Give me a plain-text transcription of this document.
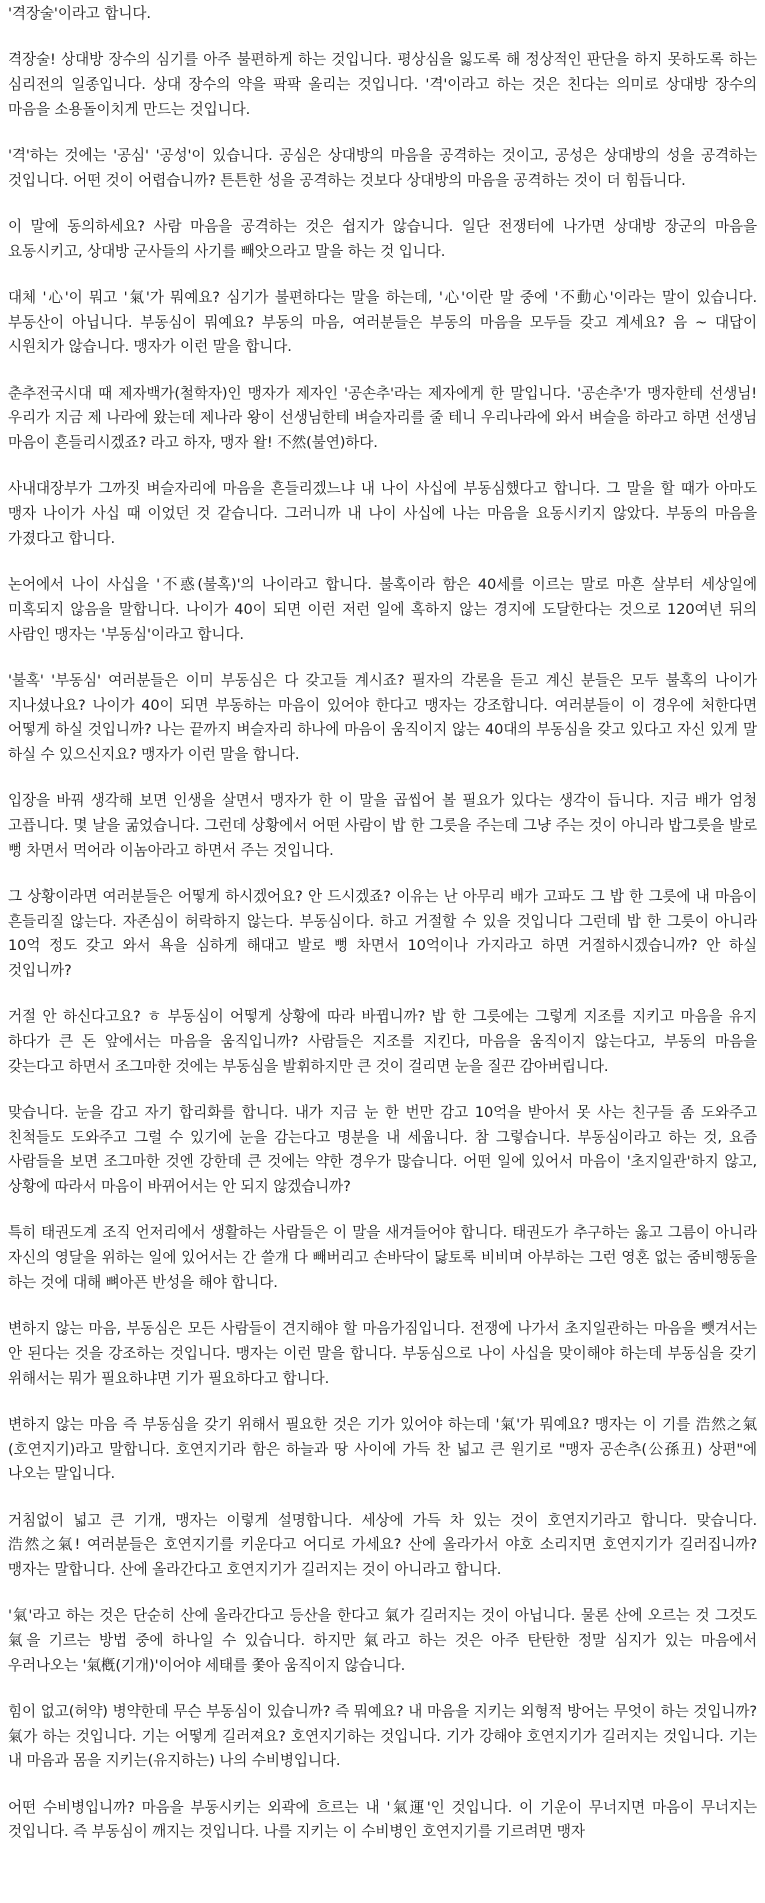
'격장술'이라고 합니다.

격장술! 상대방 장수의 심기를 아주 불편하게 하는 것입니다. 평상심을 잃도록 해 정상적인 판단을 하지 못하도록 하는 심리전의 일종입니다. 상대 장수의 약을 팍팍 올리는 것입니다. '격'이라고 하는 것은 친다는 의미로 상대방 장수의 마음을 소용돌이치게 만드는 것입니다.

'격'하는 것에는 '공심' '공성'이 있습니다. 공심은 상대방의 마음을 공격하는 것이고, 공성은 상대방의 성을 공격하는 것입니다. 어떤 것이 어렵습니까? 튼튼한 성을 공격하는 것보다 상대방의 마음을 공격하는 것이 더 힘듭니다.

이 말에 동의하세요? 사람 마음을 공격하는 것은 쉽지가 않습니다. 일단 전쟁터에 나가면 상대방 장군의 마음을 요동시키고, 상대방 군사들의 사기를 빼앗으라고 말을 하는 것 입니다.

대체 '心'이 뭐고 '氣'가 뭐예요? 심기가 불편하다는 말을 하는데, '心'이란 말 중에 '不動心'이라는 말이 있습니다. 부동산이 아닙니다. 부동심이 뭐예요? 부동의 마음, 여러분들은 부동의 마음을 모두들 갖고 계세요? 음 ~ 대답이 시원치가 않습니다. 맹자가 이런 말을 합니다.

춘추전국시대 때 제자백가(철학자)인 맹자가 제자인 '공손추'라는 제자에게 한 말입니다. '공손추'가 맹자한테 선생님! 우리가 지금 제 나라에 왔는데 제나라 왕이 선생님한테 벼슬자리를 줄 테니 우리나라에 와서 벼슬을 하라고 하면 선생님 마음이 흔들리시겠죠? 라고 하자, 맹자 왈! 不然(불연)하다.

사내대장부가 그까짓 벼슬자리에 마음을 흔들리겠느냐 내 나이 사십에 부동심했다고 합니다. 그 말을 할 때가 아마도 맹자 나이가 사십 때 이었던 것 같습니다. 그러니까 내 나이 사십에 나는 마음을 요동시키지 않았다. 부동의 마음을 가졌다고 합니다.

논어에서 나이 사십을 '不惑(불혹)'의 나이라고 합니다. 불혹이라 함은 40세를 이르는 말로 마흔 살부터 세상일에 미혹되지 않음을 말합니다. 나이가 40이 되면 이런 저런 일에 혹하지 않는 경지에 도달한다는 것으로 120여년 뒤의 사람인 맹자는 '부동심'이라고 합니다.

'불혹' '부동심' 여러분들은 이미 부동심은 다 갖고들 계시죠? 필자의 각론을 듣고 계신 분들은 모두 불혹의 나이가 지나셨나요? 나이가 40이 되면 부동하는 마음이 있어야 한다고 맹자는 강조합니다. 여러분들이 이 경우에 처한다면 어떻게 하실 것입니까? 나는 끝까지 벼슬자리 하나에 마음이 움직이지 않는 40대의 부동심을 갖고 있다고 자신 있게 말 하실 수 있으신지요? 맹자가 이런 말을 합니다.

입장을 바꿔 생각해 보면 인생을 살면서 맹자가 한 이 말을 곱씹어 볼 필요가 있다는 생각이 듭니다. 지금 배가 엄청 고픕니다. 몇 날을 굶었습니다. 그런데 상황에서 어떤 사람이 밥 한 그릇을 주는데 그냥 주는 것이 아니라 밥그릇을 발로 뻥 차면서 먹어라 이놈아라고 하면서 주는 것입니다.

그 상황이라면 여러분들은 어떻게 하시겠어요? 안 드시겠죠? 이유는 난 아무리 배가 고파도 그 밥 한 그릇에 내 마음이 흔들리질 않는다. 자존심이 허락하지 않는다. 부동심이다. 하고 거절할 수 있을 것입니다 그런데 밥 한 그릇이 아니라 10억 정도 갖고 와서 욕을 심하게 해대고 발로 뻥 차면서 10억이나 가지라고 하면 거절하시겠습니까? 안 하실 것입니까?

거절 안 하신다고요? ㅎ 부동심이 어떻게 상황에 따라 바뀝니까? 밥 한 그릇에는 그렇게 지조를 지키고 마음을 유지 하다가 큰 돈 앞에서는 마음을 움직입니까? 사람들은 지조를 지킨다, 마음을 움직이지 않는다고, 부동의 마음을 갖는다고 하면서 조그마한 것에는 부동심을 발휘하지만 큰 것이 걸리면 눈을 질끈 감아버립니다.

맞습니다. 눈을 감고 자기 합리화를 합니다. 내가 지금 눈 한 번만 감고 10억을 받아서 못 사는 친구들 좀 도와주고 친척들도 도와주고 그럴 수 있기에 눈을 감는다고 명분을 내 세웁니다. 참 그렇습니다. 부동심이라고 하는 것, 요즘 사람들을 보면 조그마한 것엔 강한데 큰 것에는 약한 경우가 많습니다. 어떤 일에 있어서 마음이 '초지일관'하지 않고, 상황에 따라서 마음이 바뀌어서는 안 되지 않겠습니까?

특히 태권도계 조직 언저리에서 생활하는 사람들은 이 말을 새겨들어야 합니다. 태권도가 추구하는 옳고 그름이 아니라 자신의 영달을 위하는 일에 있어서는 간 쓸개 다 빼버리고 손바닥이 닳토록 비비며 아부하는 그런 영혼 없는 줌비행동을 하는 것에 대해 뼈아픈 반성을 해야 합니다.

변하지 않는 마음, 부동심은 모든 사람들이 견지해야 할 마음가짐입니다. 전쟁에 나가서 초지일관하는 마음을 뺏겨서는 안 된다는 것을 강조하는 것입니다. 맹자는 이런 말을 합니다. 부동심으로 나이 사십을 맞이해야 하는데 부동심을 갖기 위해서는 뭐가 필요하냐면 기가 필요하다고 합니다.

변하지 않는 마음 즉 부동심을 갖기 위해서 필요한 것은 기가 있어야 하는데 '氣'가 뭐예요? 맹자는 이 기를 浩然之氣(호연지기)라고 말합니다. 호연지기라 함은 하늘과 땅 사이에 가득 찬 넓고 큰 원기로 "맹자 공손추(公孫丑) 상편"에 나오는 말입니다.

거침없이 넓고 큰 기개, 맹자는 이렇게 설명합니다. 세상에 가득 차 있는 것이 호연지기라고 합니다. 맞습니다. 浩然之氣! 여러분들은 호연지기를 키운다고 어디로 가세요? 산에 올라가서 야호 소리지면 호연지기가 길러집니까? 맹자는 말합니다. 산에 올라간다고 호연지기가 길러지는 것이 아니라고 합니다.

'氣'라고 하는 것은 단순히 산에 올라간다고 등산을 한다고 氣가 길러지는 것이 아닙니다. 물론 산에 오르는 것 그것도 氣을 기르는 방법 중에 하나일 수 있습니다. 하지만 氣라고 하는 것은 아주 탄탄한 정말 심지가 있는 마음에서 우러나오는 '氣槪(기개)'이어야 세태를 쫓아 움직이지 않습니다.

힘이 없고(허약) 병약한데 무슨 부동심이 있습니까? 즉 뭐예요? 내 마음을 지키는 외형적 방어는 무엇이 하는 것입니까? 氣가 하는 것입니다. 기는 어떻게 길러져요? 호연지기하는 것입니다. 기가 강해야 호연지기가 길러지는 것입니다. 기는 내 마음과 몸을 지키는(유지하는) 나의 수비병입니다.

어떤 수비병입니까? 마음을 부동시키는 외곽에 흐르는 내 '氣運'인 것입니다. 이 기운이 무너지면 마음이 무너지는 것입니다. 즉 부동심이 깨지는 것입니다. 나를 지키는 이 수비병인 호연지기를 기르려면 맹자
